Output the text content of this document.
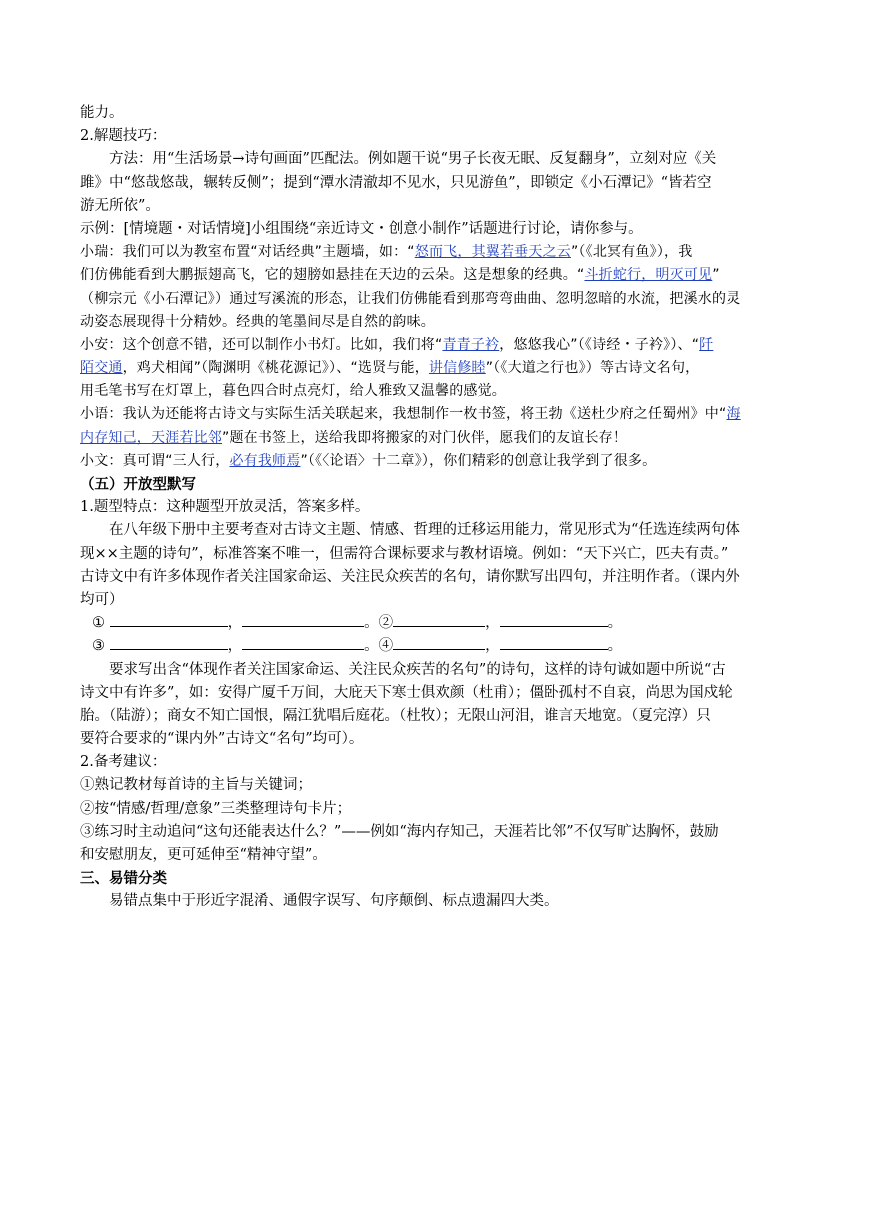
能力。
2.解题技巧：
方法：用“生活场景→诗句画面”匹配法。例如题干说“男子长夜无眠、反复翻身”，立刻对应《关
雎》中“悠哉悠哉，辗转反侧”；提到“潭水清澈却不见水，只见游鱼”，即锁定《小石潭记》“皆若空
游无所依”。
示例：[情境题・对话情境]小组围绕“亲近诗文・创意小制作”话题进行讨论，请你参与。
小瑞：我们可以为教室布置“对话经典”主题墙，如：“怒而飞，其翼若垂天之云”（《北冥有鱼》），我
们仿佛能看到大鹏振翅高飞，它的翅膀如悬挂在天边的云朵。这是想象的经典。“斗折蛇行，明灭可见”
（柳宗元《小石潭记》）通过写溪流的形态，让我们仿佛能看到那弯弯曲曲、忽明忽暗的水流，把溪水的灵
动姿态展现得十分精妙。经典的笔墨间尽是自然的韵味。
小安：这个创意不错，还可以制作小书灯。比如，我们将“青青子衿，悠悠我心”（《诗经・子衿》）、“阡
陌交通，鸡犬相闻”（陶渊明《桃花源记》）、“选贤与能，讲信修睦”（《大道之行也》）等古诗文名句，
用毛笔书写在灯罩上，暮色四合时点亮灯，给人雅致又温馨的感觉。
小语：我认为还能将古诗文与实际生活关联起来，我想制作一枚书签，将王勃《送杜少府之任蜀州》中“海
内存知己，天涯若比邻”题在书签上，送给我即将搬家的对门伙伴，愿我们的友谊长存！
小文：真可谓“三人行，必有我师焉”（《〈论语〉十二章》），你们精彩的创意让我学到了很多。
（五）开放型默写
1.题型特点：这种题型开放灵活，答案多样。
在八年级下册中主要考查对古诗文主题、情感、哲理的迁移运用能力，常见形式为“任选连续两句体
现××主题的诗句”，标准答案不唯一，但需符合课标要求与教材语境。例如：“天下兴亡，匹夫有责。”
古诗文中有许多体现作者关注国家命运、关注民众疾苦的名句，请你默写出四句，并注明作者。（课内外
均可）
①	，	。②	，	。
③	，	。④	，	。
要求写出含“体现作者关注国家命运、关注民众疾苦的名句”的诗句，这样的诗句诚如题中所说“古
诗文中有许多”，如：安得广厦千万间，大庇天下寒士俱欢颜（杜甫）；僵卧孤村不自哀，尚思为国戍轮
胎。（陆游）；商女不知亡国恨，隔江犹唱后庭花。（杜牧）；无限山河泪，谁言天地宽。（夏完淳）只
要符合要求的“课内外”古诗文“名句”均可）。
2.备考建议：
①熟记教材每首诗的主旨与关键词；
②按“情感/哲理/意象”三类整理诗句卡片；
③练习时主动追问“这句还能表达什么？”——例如“海内存知己，天涯若比邻”不仅写旷达胸怀，鼓励
和安慰朋友，更可延伸至“精神守望”。
三、易错分类
易错点集中于形近字混淆、通假字误写、句序颠倒、标点遗漏四大类。
